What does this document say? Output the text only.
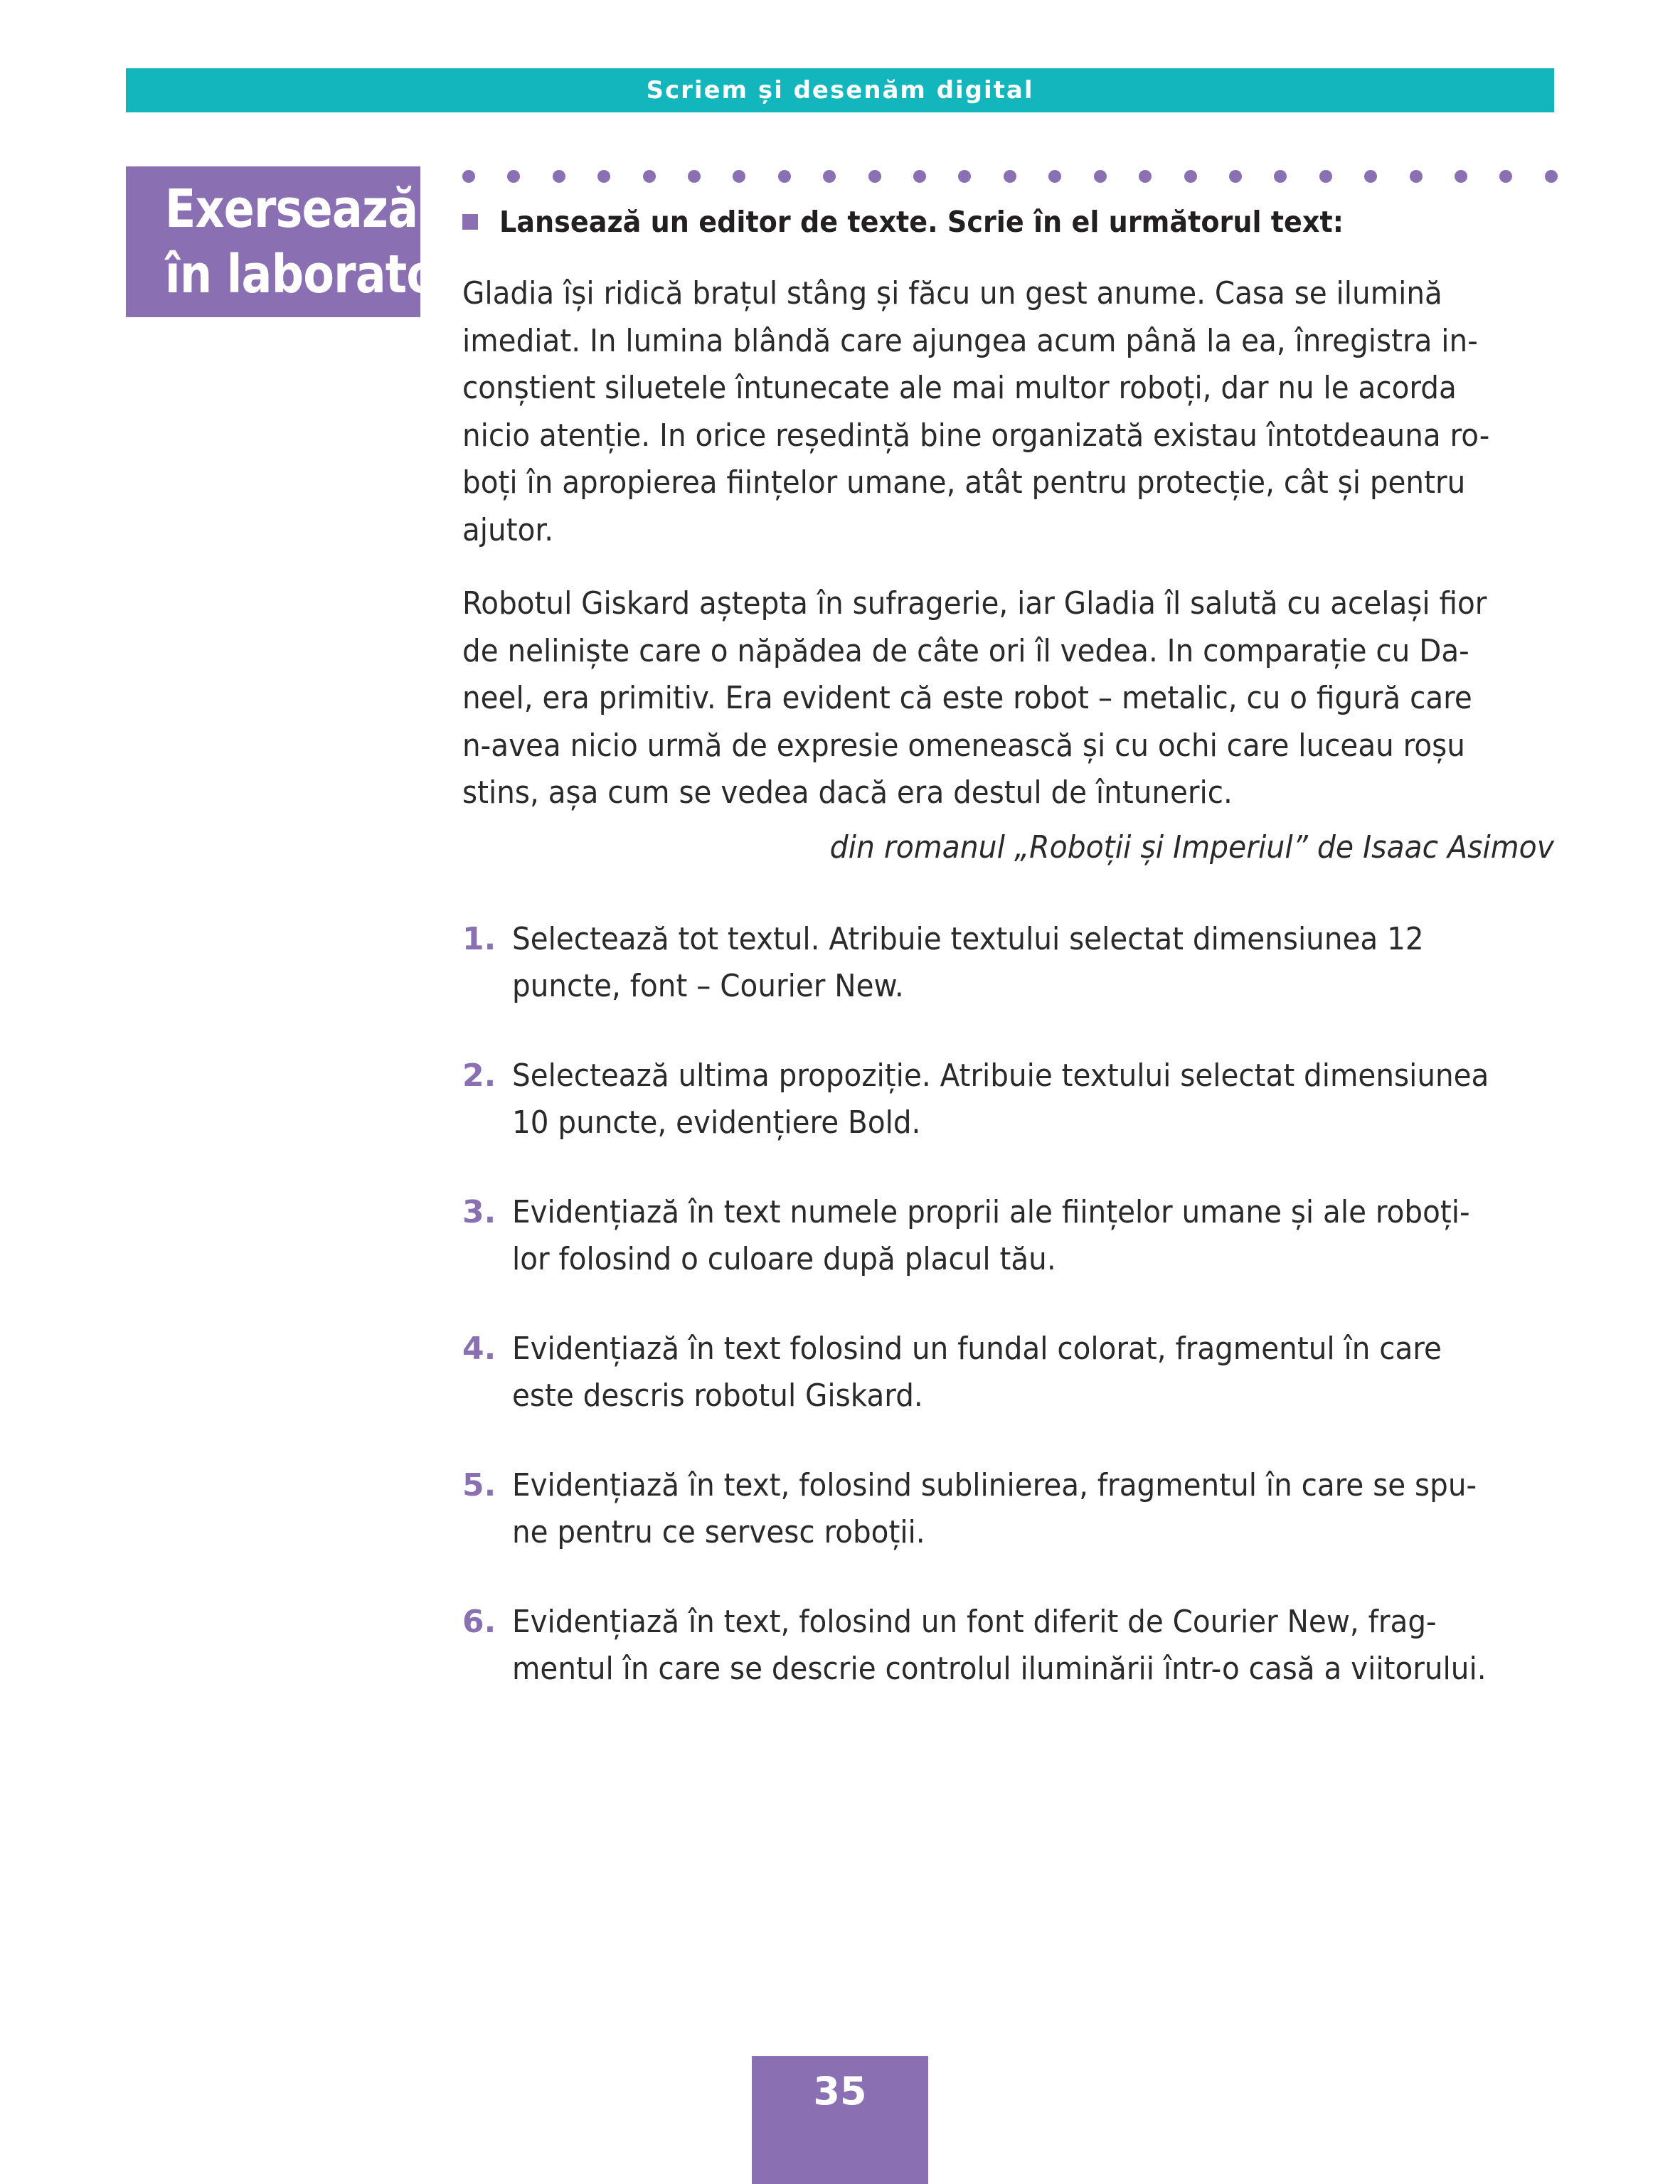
Scriem și desenăm digital
Exersează
în laborator!
Lansează un editor de texte. Scrie în el următorul text:
Gladia își ridică brațul stâng și făcu un gest anume. Casa se ilumină
imediat. In lumina blândă care ajungea acum până la ea, înregistra in-
conștient siluetele întunecate ale mai multor roboți, dar nu le acorda
nicio atenție. In orice reședință bine organizată existau întotdeauna ro-
boți în apropierea ființelor umane, atât pentru protecție, cât și pentru
ajutor.
Robotul Giskard aștepta în sufragerie, iar Gladia îl salută cu același fior
de neliniște care o năpădea de câte ori îl vedea. In comparație cu Da-
neel, era primitiv. Era evident că este robot – metalic, cu o figură care
n-avea nicio urmă de expresie omenească și cu ochi care luceau roșu
stins, așa cum se vedea dacă era destul de întuneric.
din romanul „Roboții și Imperiul” de Isaac Asimov
1. Selectează tot textul. Atribuie textului selectat dimensiunea 12
puncte, font – Courier New.
2. Selectează ultima propoziție. Atribuie textului selectat dimensiunea
10 puncte, evidențiere Bold.
3. Evidențiază în text numele proprii ale ființelor umane și ale roboți-
lor folosind o culoare după placul tău.
4. Evidențiază în text folosind un fundal colorat, fragmentul în care
este descris robotul Giskard.
5. Evidențiază în text, folosind sublinierea, fragmentul în care se spu-
ne pentru ce servesc roboții.
6. Evidențiază în text, folosind un font diferit de Courier New, frag-
mentul în care se descrie controlul iluminării într-o casă a viitorului.
35
